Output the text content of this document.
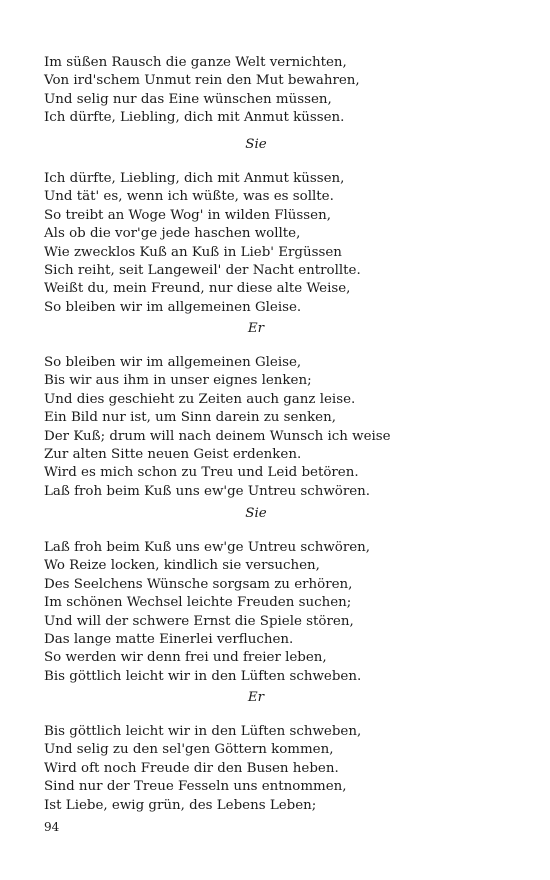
Im süßen Rausch die ganze Welt vernichten,
Von ird'schem Unmut rein den Mut bewahren,
Und selig nur das Eine wünschen müssen,
Ich dürfte, Liebling, dich mit Anmut küssen.
Sie
Ich dürfte, Liebling, dich mit Anmut küssen,
Und tät' es, wenn ich wüßte, was es sollte.
So treibt an Woge Wog' in wilden Flüssen,
Als ob die vor'ge jede haschen wollte,
Wie zwecklos Kuß an Kuß in Lieb' Ergüssen
Sich reiht, seit Langeweil' der Nacht entrollte.
Weißt du, mein Freund, nur diese alte Weise,
So bleiben wir im allgemeinen Gleise.
Er
So bleiben wir im allgemeinen Gleise,
Bis wir aus ihm in unser eignes lenken;
Und dies geschieht zu Zeiten auch ganz leise.
Ein Bild nur ist, um Sinn darein zu senken,
Der Kuß; drum will nach deinem Wunsch ich weise
Zur alten Sitte neuen Geist erdenken.
Wird es mich schon zu Treu und Leid betören.
Laß froh beim Kuß uns ew'ge Untreu schwören.
Sie
Laß froh beim Kuß uns ew'ge Untreu schwören,
Wo Reize locken, kindlich sie versuchen,
Des Seelchens Wünsche sorgsam zu erhören,
Im schönen Wechsel leichte Freuden suchen;
Und will der schwere Ernst die Spiele stören,
Das lange matte Einerlei verfluchen.
So werden wir denn frei und freier leben,
Bis göttlich leicht wir in den Lüften schweben.
Er
Bis göttlich leicht wir in den Lüften schweben,
Und selig zu den sel'gen Göttern kommen,
Wird oft noch Freude dir den Busen heben.
Sind nur der Treue Fesseln uns entnommen,
Ist Liebe, ewig grün, des Lebens Leben;
94
